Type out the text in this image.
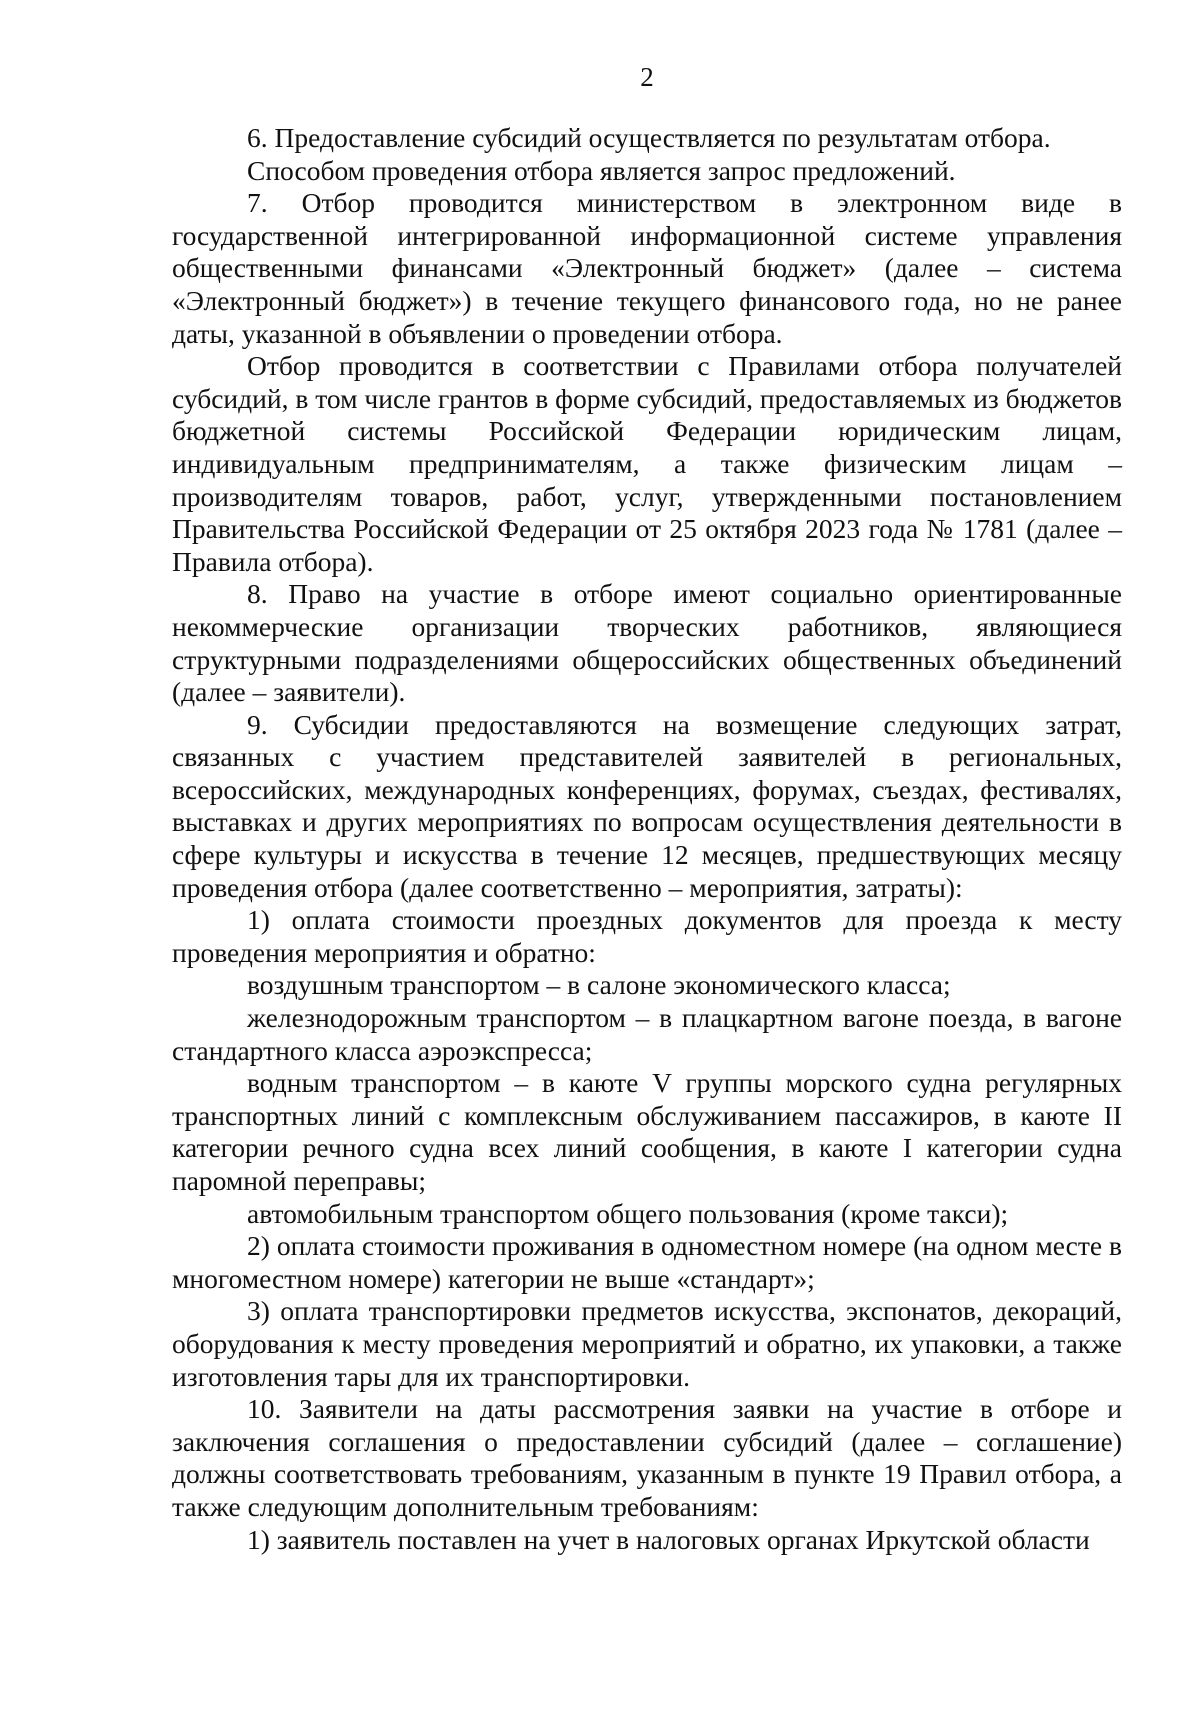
2

6. Предоставление субсидий осуществляется по результатам отбора.

Способом проведения отбора является запрос предложений.

7. Отбор проводится министерством в электронном виде в государственной интегрированной информационной системе управления общественными финансами «Электронный бюджет» (далее – система «Электронный бюджет») в течение текущего финансового года, но не ранее даты, указанной в объявлении о проведении отбора.

Отбор проводится в соответствии с Правилами отбора получателей субсидий, в том числе грантов в форме субсидий, предоставляемых из бюджетов бюджетной системы Российской Федерации юридическим лицам, индивидуальным предпринимателям, а также физическим лицам – производителям товаров, работ, услуг, утвержденными постановлением Правительства Российской Федерации от 25 октября 2023 года № 1781 (далее – Правила отбора).

8. Право на участие в отборе имеют социально ориентированные некоммерческие организации творческих работников, являющиеся структурными подразделениями общероссийских общественных объединений (далее – заявители).

9. Субсидии предоставляются на возмещение следующих затрат, связанных с участием представителей заявителей в региональных, всероссийских, международных конференциях, форумах, съездах, фестивалях, выставках и других мероприятиях по вопросам осуществления деятельности в сфере культуры и искусства в течение 12 месяцев, предшествующих месяцу проведения отбора (далее соответственно – мероприятия, затраты):

1) оплата стоимости проездных документов для проезда к месту проведения мероприятия и обратно:

воздушным транспортом – в салоне экономического класса;

железнодорожным транспортом – в плацкартном вагоне поезда, в вагоне стандартного класса аэроэкспресса;

водным транспортом – в каюте V группы морского судна регулярных транспортных линий с комплексным обслуживанием пассажиров, в каюте II категории речного судна всех линий сообщения, в каюте I категории судна паромной переправы;

автомобильным транспортом общего пользования (кроме такси);

2) оплата стоимости проживания в одноместном номере (на одном месте в многоместном номере) категории не выше «стандарт»;

3) оплата транспортировки предметов искусства, экспонатов, декораций, оборудования к месту проведения мероприятий и обратно, их упаковки, а также изготовления тары для их транспортировки.

10. Заявители на даты рассмотрения заявки на участие в отборе и заключения соглашения о предоставлении субсидий (далее – соглашение) должны соответствовать требованиям, указанным в пункте 19 Правил отбора, а также следующим дополнительным требованиям:

1) заявитель поставлен на учет в налоговых органах Иркутской области
